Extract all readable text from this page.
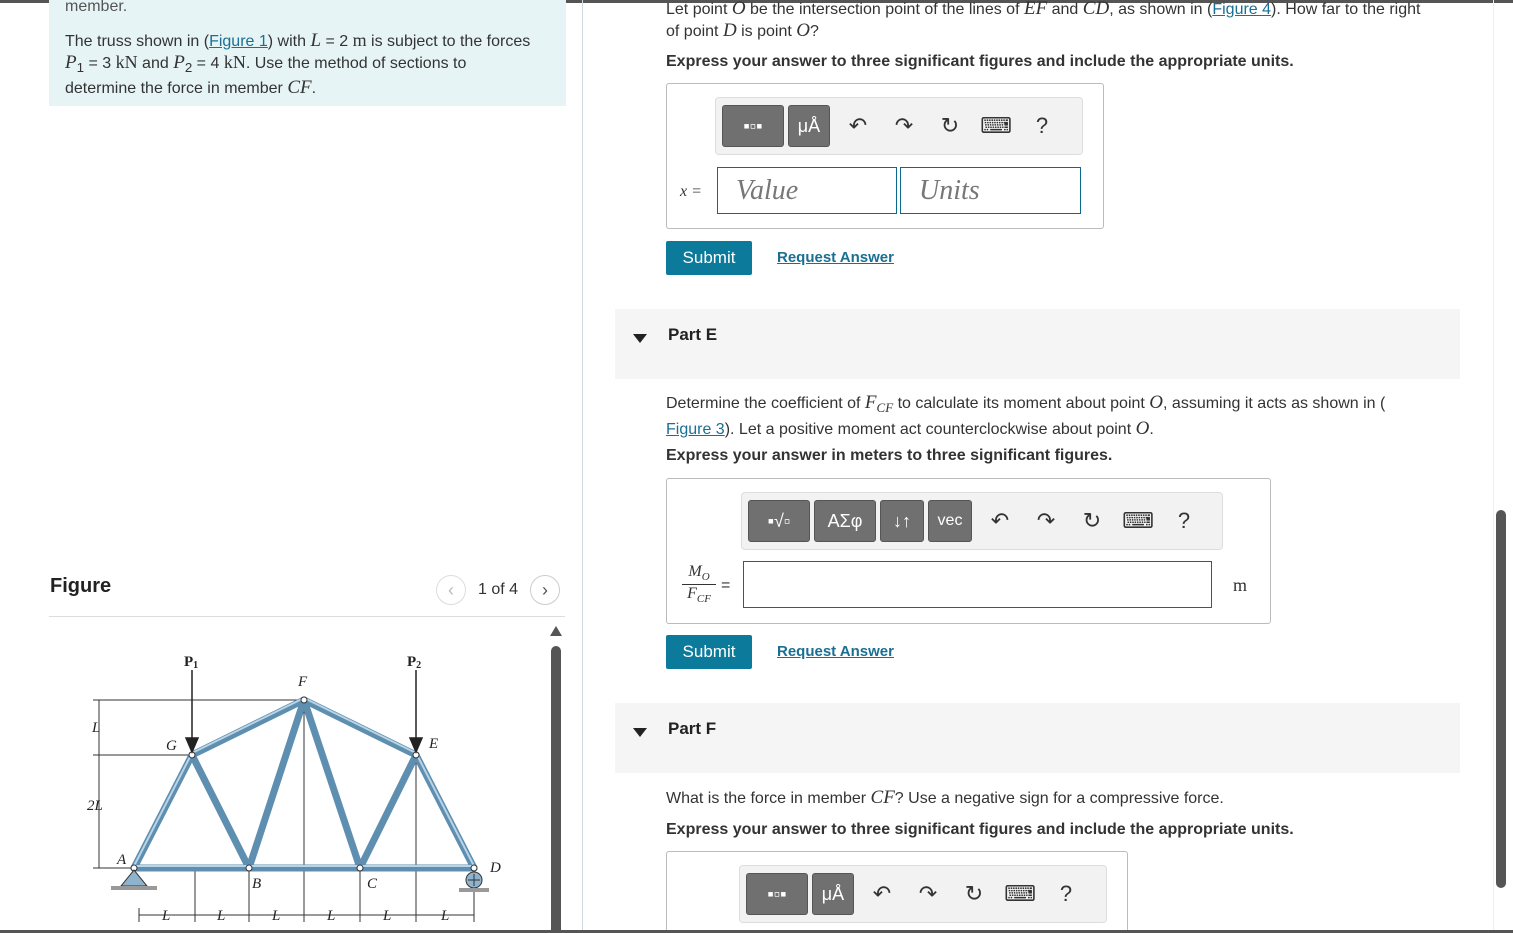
member.

The truss shown in (Figure 1) with L = 2 m is subject to the forces
$P_1 = 3$ kN and $P_2 = 4$ kN. Use the method of sections to
determine the force in member CF.

Figure	‹ 1 of 4 ›
P1	P2
F
G	E
A
B	C
D
L
2L
L	L	L	L	L	L
Let point O be the intersection point of the lines of EF and CD, as shown in (Figure 4). How far to the right
of point D is point O?
Express your answer to three significant figures and include the appropriate units.
▪▫▪ μÅ	↶	↷	↻ ⌨	?
x =	Value	Units
Submit	Request Answer
Part E
Determine the coefficient of $F_{CF}$ to calculate its moment about point O, assuming it acts as shown in (
Figure 3). Let a positive moment act counterclockwise about point O.
Express your answer in meters to three significant figures.
▪√▫ ΑΣφ ↓↑ vec	↶	↷	↻ ⌨	?
$M_O$
$F_{CF}$
=	m
Submit	Request Answer
Part F
What is the force in member CF? Use a negative sign for a compressive force.
Express your answer to three significant figures and include the appropriate units.
▪▫▪ μÅ	↶	↷	↻ ⌨	?
